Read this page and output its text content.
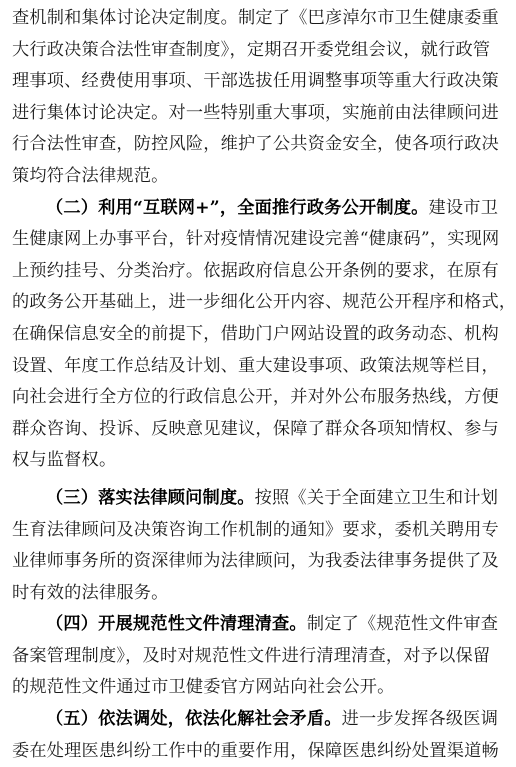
查机制和集体讨论决定制度。制定了《巴彦淖尔市卫生健康委重
大行政决策合法性审查制度》，定期召开委党组会议，就行政管
理事项、经费使用事项、干部选拔任用调整事项等重大行政决策
进行集体讨论决定。对一些特别重大事项，实施前由法律顾问进
行合法性审查，防控风险，维护了公共资金安全，使各项行政决
策均符合法律规范。
（二）利用“互联网+”，全面推行政务公开制度。建设市卫
生健康网上办事平台，针对疫情情况建设完善“健康码”，实现网
上预约挂号、分类治疗。依据政府信息公开条例的要求，在原有
的政务公开基础上，进一步细化公开内容、规范公开程序和格式，
在确保信息安全的前提下，借助门户网站设置的政务动态、机构
设置、年度工作总结及计划、重大建设事项、政策法规等栏目，
向社会进行全方位的行政信息公开，并对外公布服务热线，方便
群众咨询、投诉、反映意见建议，保障了群众各项知情权、参与
权与监督权。
（三）落实法律顾问制度。按照《关于全面建立卫生和计划
生育法律顾问及决策咨询工作机制的通知》要求，委机关聘用专
业律师事务所的资深律师为法律顾问，为我委法律事务提供了及
时有效的法律服务。
（四）开展规范性文件清理清查。制定了《规范性文件审查
备案管理制度》，及时对规范性文件进行清理清查，对予以保留
的规范性文件通过市卫健委官方网站向社会公开。
（五）依法调处，依法化解社会矛盾。进一步发挥各级医调
委在处理医患纠纷工作中的重要作用，保障医患纠纷处置渠道畅
